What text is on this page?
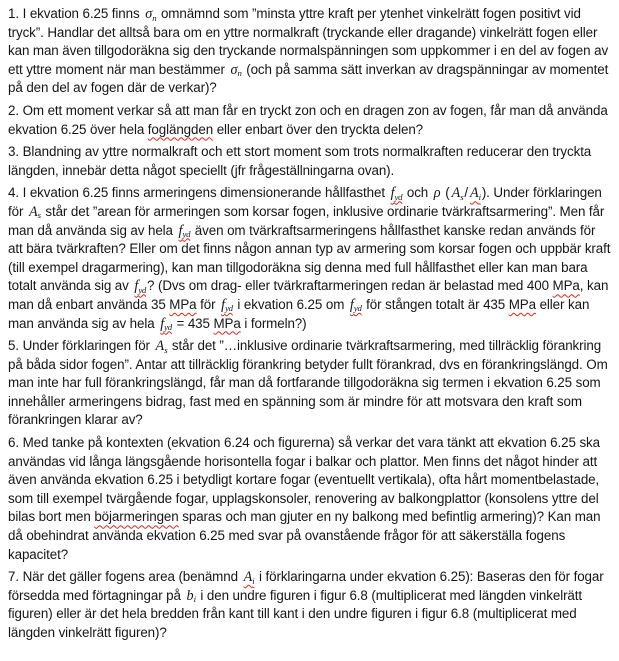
1. I ekvation 6.25 finns $\sigma_n$ omnämnd som ”minsta yttre kraft per ytenhet vinkelrätt fogen positivt vid tryck”. Handlar det alltså bara om en yttre normalkraft (tryckande eller dragande) vinkelrätt fogen eller kan man även tillgodoräkna sig den tryckande normalspänningen som uppkommer i en del av fogen av ett yttre moment när man bestämmer $\sigma_n$ (och på samma sätt inverkan av dragspänningar av momentet på den del av fogen där de verkar)?

2. Om ett moment verkar så att man får en tryckt zon och en dragen zon av fogen, får man då använda ekvation 6.25 över hela foglängden eller enbart över den tryckta delen?

3. Blandning av yttre normalkraft och ett stort moment som trots normalkraften reducerar den tryckta längden, innebär detta något speciellt (jfr frågeställningarna ovan).

4. I ekvation 6.25 finns armeringens dimensionerande hållfasthet $f_{yd}$ och ρ ( $A_s/$ $A_i$). Under förklaringen för $A_s$ står det ”arean för armeringen som korsar fogen, inklusive ordinarie tvärkraftsarmering”. Men får man då använda sig av hela $f_{yd}$ även om tvärkraftsarmeringens hållfasthet kanske redan används för att bära tvärkraften? Eller om det finns någon annan typ av armering som korsar fogen och uppbär kraft (till exempel dragarmering), kan man tillgodoräkna sig denna med full hållfasthet eller kan man bara totalt använda sig av $f_{yd}$? (Dvs om drag- eller tvärkraftarmeringen redan är belastad med 400 MPa, kan man då enbart använda 35 MPa för $f_{yd}$ i ekvation 6.25 om $f_{yd}$ för stången totalt är 435 MPa eller kan man använda sig av hela $f_{yd} = 435$ MPa i formeln?)

5. Under förklaringen för $A_s$ står det ”…inklusive ordinarie tvärkraftsarmering, med tillräcklig förankring på båda sidor fogen”. Antar att tillräcklig förankring betyder fullt förankrad, dvs en förankringslängd. Om man inte har full förankringslängd, får man då fortfarande tillgodoräkna sig termen i ekvation 6.25 som innehåller armeringens bidrag, fast med en spänning som är mindre för att motsvara den kraft som förankringen klarar av?

6. Med tanke på kontexten (ekvation 6.24 och figurerna) så verkar det vara tänkt att ekvation 6.25 ska användas vid långa längsgående horisontella fogar i balkar och plattor. Men finns det något hinder att även använda ekvation 6.25 i betydligt kortare fogar (eventuellt vertikala), ofta hårt momentbelastade, som till exempel tvärgående fogar, upplagskonsoler, renovering av balkongplattor (konsolens yttre del bilas bort men böjarmeringen sparas och man gjuter en ny balkong med befintlig armering)? Kan man då obehindrat använda ekvation 6.25 med svar på ovanstående frågor för att säkerställa fogens kapacitet?

7. När det gäller fogens area (benämnd $A_i$ i förklaringarna under ekvation 6.25): Baseras den för fogar försedda med förtagningar på $b_i$ i den undre figuren i figur 6.8 (multiplicerat med längden vinkelrätt figuren) eller är det hela bredden från kant till kant i den undre figuren i figur 6.8 (multiplicerat med längden vinkelrätt figuren)?
